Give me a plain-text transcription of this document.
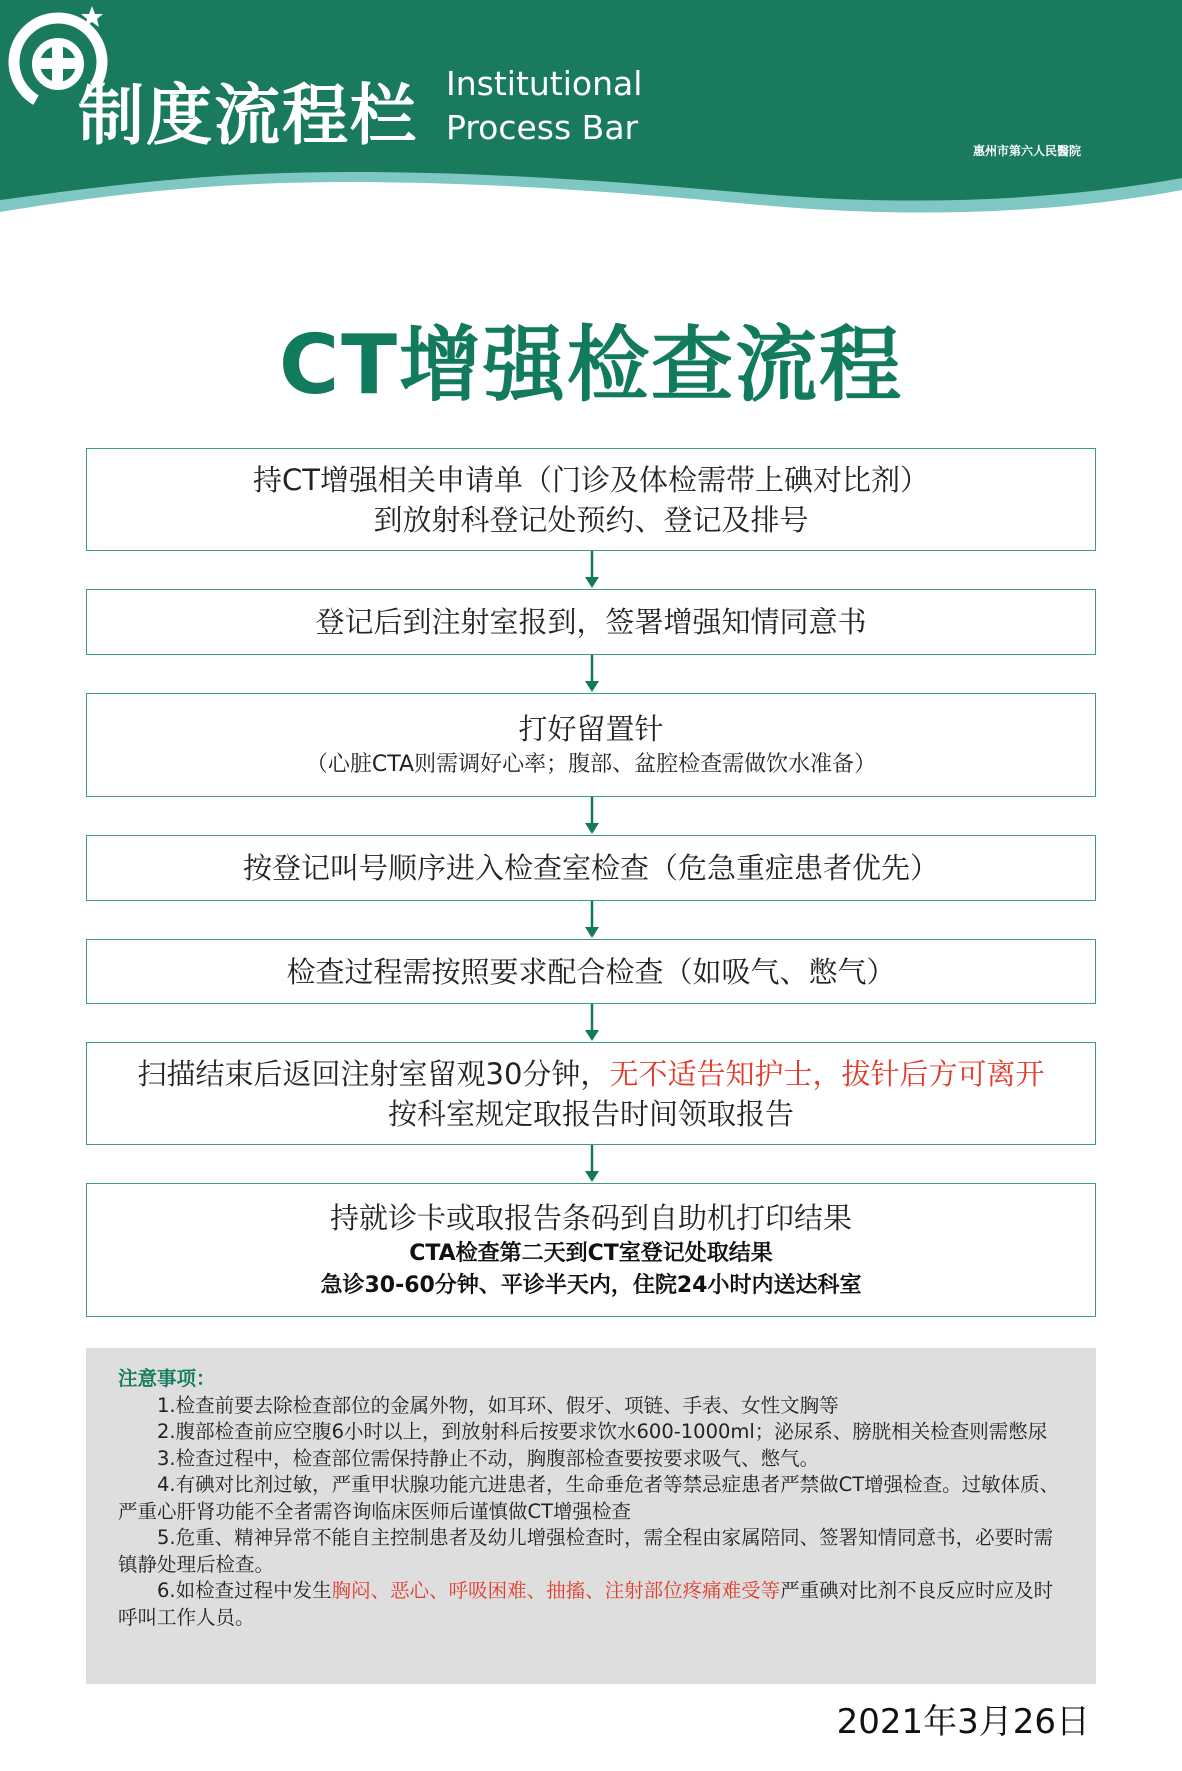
制度流程栏 Institutional
Process Bar
惠州市第六人民醫院
CT增强检查流程
持CT增强相关申请单（门诊及体检需带上碘对比剂）
到放射科登记处预约、登记及排号
登记后到注射室报到，签署增强知情同意书
打好留置针
（心脏CTA则需调好心率；腹部、盆腔检查需做饮水准备）
按登记叫号顺序进入检查室检查（危急重症患者优先）
检查过程需按照要求配合检查（如吸气、憋气）
扫描结束后返回注射室留观30分钟，无不适告知护士，拔针后方可离开
按科室规定取报告时间领取报告
持就诊卡或取报告条码到自助机打印结果
CTA检查第二天到CT室登记处取结果
急诊30-60分钟、平诊半天内，住院24小时内送达科室
注意事项：

1.检查前要去除检查部位的金属外物，如耳环、假牙、项链、手表、女性文胸等

2.腹部检查前应空腹6小时以上，到放射科后按要求饮水600-1000ml；泌尿系、膀胱相关检查则需憋尿

3.检查过程中，检查部位需保持静止不动，胸腹部检查要按要求吸气、憋气。

4.有碘对比剂过敏，严重甲状腺功能亢进患者，生命垂危者等禁忌症患者严禁做CT增强检查。过敏体质、严重心肝肾功能不全者需咨询临床医师后谨慎做CT增强检查

5.危重、精神异常不能自主控制患者及幼儿增强检查时，需全程由家属陪同、签署知情同意书，必要时需镇静处理后检查。

6.如检查过程中发生胸闷、恶心、呼吸困难、抽搐、注射部位疼痛难受等严重碘对比剂不良反应时应及时呼叫工作人员。

2021年3月26日
